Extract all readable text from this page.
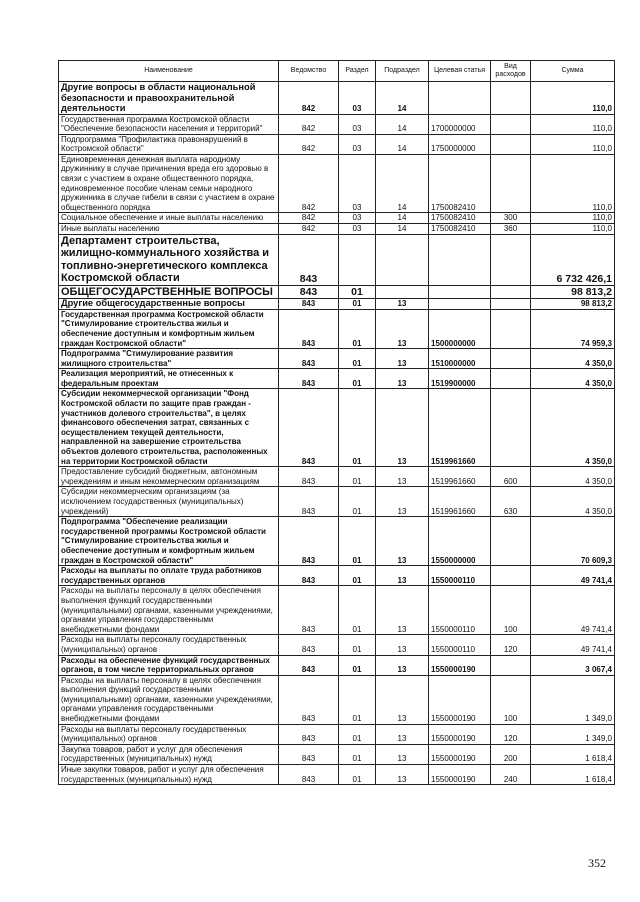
Наименование	Ведомство	Раздел	Подраздел	Целевая статья	Вид расходов	Сумма
Другие вопросы в области национальной безопасности и правоохранительной деятельности	842	03	14			110,0
Государственная программа Костромской области "Обеспечение безопасности населения и территорий"	842	03	14	1700000000		110,0
Подпрограмма "Профилактика правонарушений в Костромской области"	842	03	14	1750000000		110,0
Единовременная денежная выплата народному дружиннику в случае причинения вреда его здоровью в связи с участием в охране общественного порядка, единовременное пособие членам семьи народного дружинника в случае гибели в связи с участием в охране общественного порядка	842	03	14	1750082410		110,0
Социальное обеспечение и иные выплаты населению	842	03	14	1750082410	300	110,0
Иные выплаты населению	842	03	14	1750082410	360	110,0
Департамент строительства, жилищно-коммунального хозяйства и топливно-энергетического комплекса Костромской области	843					6 732 426,1
ОБЩЕГОСУДАРСТВЕННЫЕ ВОПРОСЫ	843	01				98 813,2
Другие общегосударственные вопросы	843	01	13			98 813,2
Государственная программа Костромской области "Стимулирование строительства жилья и обеспечение доступным и комфортным жильем граждан Костромской области"	843	01	13	1500000000		74 959,3
Подпрограмма "Стимулирование развития жилищного строительства"	843	01	13	1510000000		4 350,0
Реализация мероприятий, не отнесенных к федеральным проектам	843	01	13	1519900000		4 350,0
Субсидии некоммерческой организации "Фонд Костромской области по защите прав граждан - участников долевого строительства", в целях финансового обеспечения затрат, связанных с осуществлением текущей деятельности, направленной на завершение строительства объектов долевого строительства, расположенных на территории Костромской области	843	01	13	1519961660		4 350,0
Предоставление субсидий бюджетным, автономным учреждениям и иным некоммерческим организациям	843	01	13	1519961660	600	4 350,0
Субсидии некоммерческим организациям (за исключением государственных (муниципальных) учреждений)	843	01	13	1519961660	630	4 350,0
Подпрограмма "Обеспечение реализации государственной программы Костромской области "Стимулирование строительства жилья и обеспечение доступным и комфортным жильем граждан в Костромской области"	843	01	13	1550000000		70 609,3
Расходы на выплаты по оплате труда работников государственных органов	843	01	13	1550000110		49 741,4
Расходы на выплаты персоналу в целях обеспечения выполнения функций государственными (муниципальными) органами, казенными учреждениями, органами управления государственными внебюджетными фондами	843	01	13	1550000110	100	49 741,4
Расходы на выплаты персоналу государственных (муниципальных) органов	843	01	13	1550000110	120	49 741,4
Расходы на обеспечение функций государственных органов, в том числе территориальных органов	843	01	13	1550000190		3 067,4
Расходы на выплаты персоналу в целях обеспечения выполнения функций государственными (муниципальными) органами, казенными учреждениями, органами управления государственными внебюджетными фондами	843	01	13	1550000190	100	1 349,0
Расходы на выплаты персоналу государственных (муниципальных) органов	843	01	13	1550000190	120	1 349,0
Закупка товаров, работ и услуг для обеспечения государственных (муниципальных) нужд	843	01	13	1550000190	200	1 618,4
Иные закупки товаров, работ и услуг для обеспечения государственных (муниципальных) нужд	843	01	13	1550000190	240	1 618,4
352
